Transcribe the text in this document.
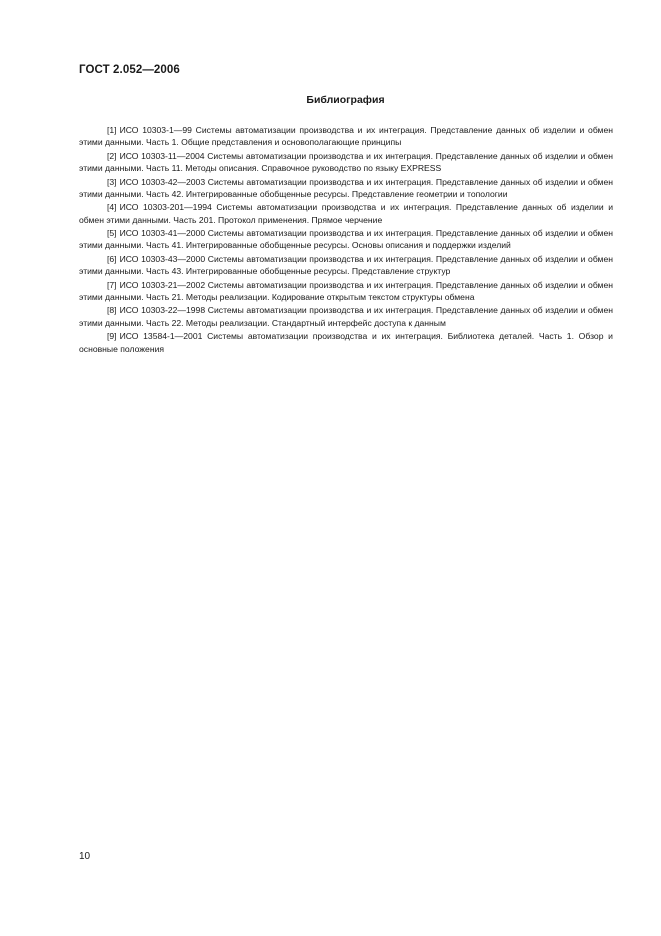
ГОСТ 2.052—2006
Библиография

[1] ИСО 10303-1—99 Системы автоматизации производства и их интеграция. Представление данных об изделии и обмен этими данными. Часть 1. Общие представления и основополагающие принципы

[2] ИСО 10303-11—2004 Системы автоматизации производства и их интеграция. Представление данных об изделии и обмен этими данными. Часть 11. Методы описания. Справочное руководство по языку EXPRESS

[3] ИСО 10303-42—2003 Системы автоматизации производства и их интеграция. Представление данных об изделии и обмен этими данными. Часть 42. Интегрированные обобщенные ресурсы. Представление геометрии и топологии

[4] ИСО 10303-201—1994 Системы автоматизации производства и их интеграция. Представление данных об изделии и обмен этими данными. Часть 201. Протокол применения. Прямое черчение

[5] ИСО 10303-41—2000 Системы автоматизации производства и их интеграция. Представление данных об изделии и обмен этими данными. Часть 41. Интегрированные обобщенные ресурсы. Основы описания и поддержки изделий

[6] ИСО 10303-43—2000 Системы автоматизации производства и их интеграция. Представление данных об изделии и обмен этими данными. Часть 43. Интегрированные обобщенные ресурсы. Представление структур

[7] ИСО 10303-21—2002 Системы автоматизации производства и их интеграция. Представление данных об изделии и обмен этими данными. Часть 21. Методы реализации. Кодирование открытым текстом структуры обмена

[8] ИСО 10303-22—1998 Системы автоматизации производства и их интеграция. Представление данных об изделии и обмен этими данными. Часть 22. Методы реализации. Стандартный интерфейс доступа к данным

[9] ИСО 13584-1—2001 Системы автоматизации производства и их интеграция. Библиотека деталей. Часть 1. Обзор и основные положения

10
